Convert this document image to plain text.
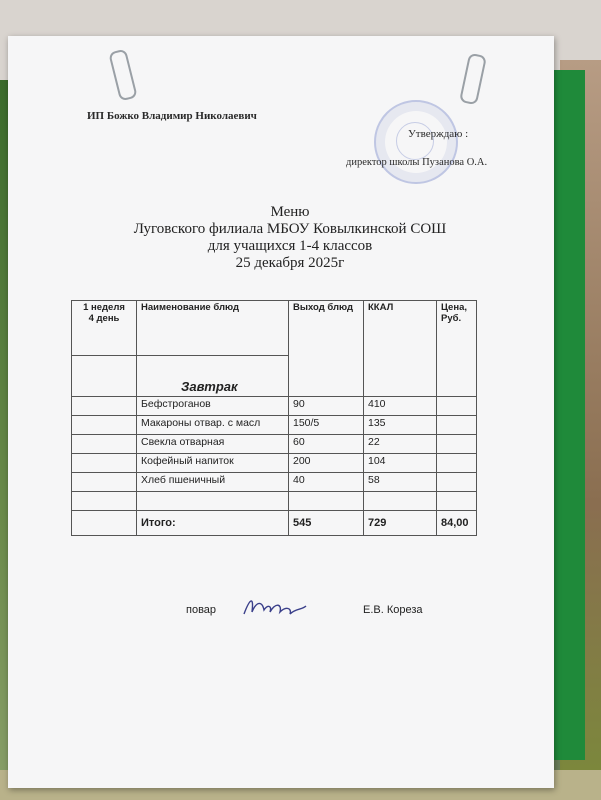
ИП Божко Владимир Николаевич
Утверждаю :
директор школы Пузанова О.А.
Меню
Луговского филиала МБОУ Ковылкинской СОШ
для учащихся 1-4 классов
25 декабря 2025г
1 неделя
4 день	Наименование блюд	Выход блюд	ККАЛ	Цена,
Руб.

	Завтрак			

	Бефстроганов	90	410	
	Макароны отвар. с масл	150/5	135	
	Свекла отварная	60	22	
	Кофейный напиток	200	104	
	Хлеб пшеничный	40	58	

	Итого:	545	729	84,00
повар	Е.В. Кореза
